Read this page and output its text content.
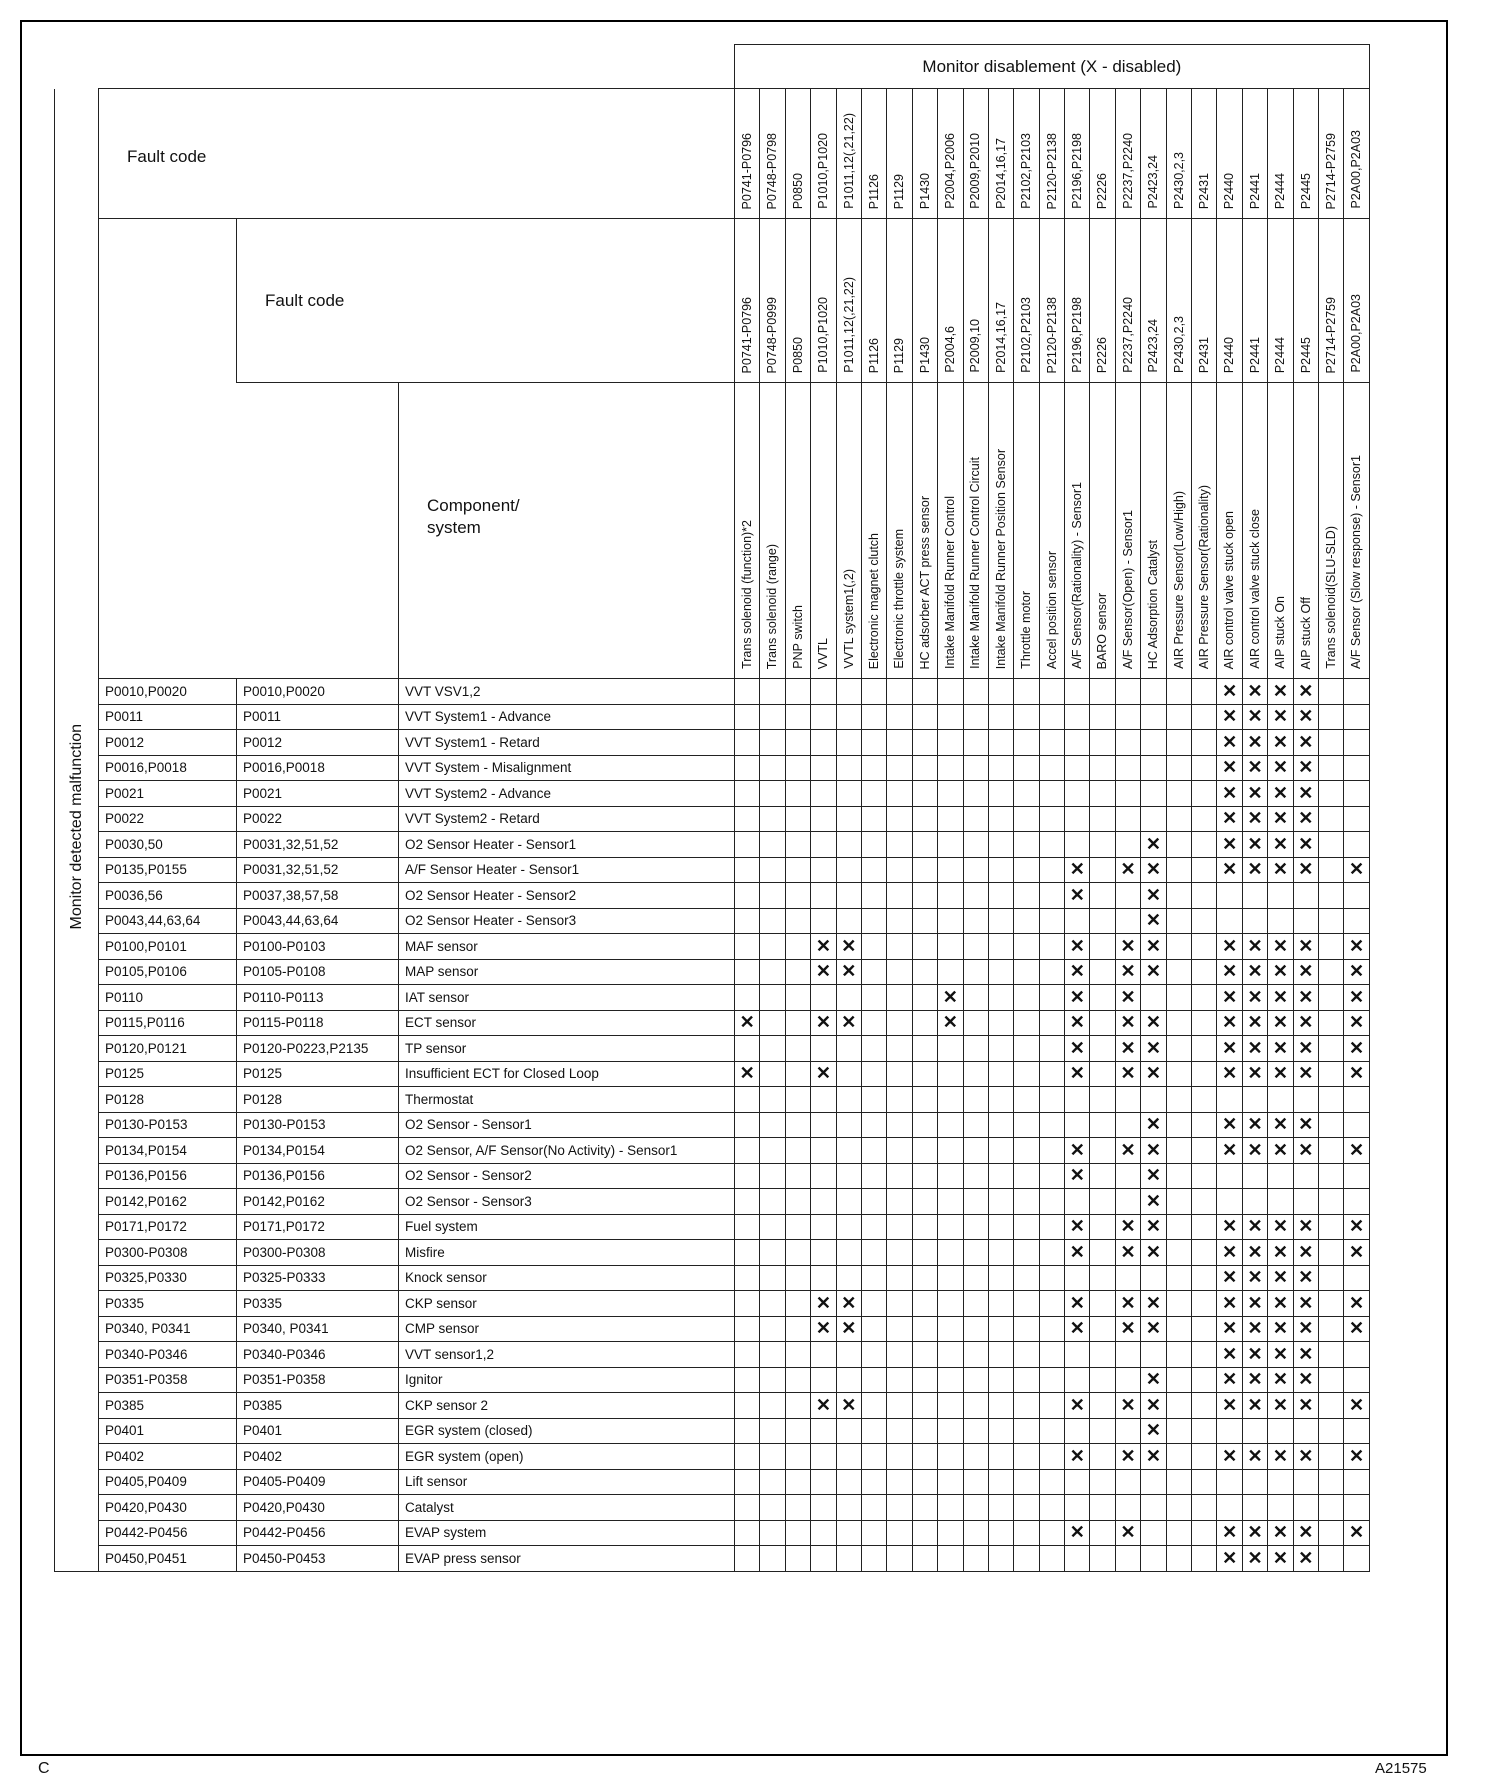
				Monitor disablement (X - disabled)																								
Monitor detected malfunction	Fault code			P0741-P0796	P0748-P0798	P0850	P1010,P1020	P1011,12(,21,22)	P1126	P1129	P1430	P2004,P2006	P2009,P2010	P2014,16,17	P2102,P2103	P2120-P2138	P2196,P2198	P2226	P2237,P2240	P2423,24	P2430,2,3	P2431	P2440	P2441	P2444	P2445	P2714-P2759	P2A00,P2A03
		Fault code		P0741-P0796	P0748-P0999	P0850	P1010,P1020	P1011,12(,21,22)	P1126	P1129	P1430	P2004,6	P2009,10	P2014,16,17	P2102,P2103	P2120-P2138	P2196,P2198	P2226	P2237,P2240	P2423,24	P2430,2,3	P2431	P2440	P2441	P2444	P2445	P2714-P2759	P2A00,P2A03
			Component/
system	Trans solenoid (function)*2	Trans solenoid (range)	PNP switch	VVTL	VVTL system1(,2)	Electronic magnet clutch	Electronic throttle system	HC adsorber ACT press sensor	Intake Manifold Runner Control	Intake Manifold Runner Control Circuit	Intake Manifold Runner Position Sensor	Throttle motor	Accel position sensor	A/F Sensor(Rationality) - Sensor1	BARO sensor	A/F Sensor(Open) - Sensor1	HC Adsorption Catalyst	AIR Pressure Sensor(Low/High)	AIR Pressure Sensor(Rationality)	AIR control valve stuck open	AIR control valve stuck close	AIP stuck On	AIP stuck Off	Trans solenoid(SLU-SLD)	A/F Sensor (Slow response) - Sensor1
	P0010,P0020	P0010,P0020	VVT VSV1,2																				✕	✕	✕	✕		
	P0011	P0011	VVT System1 - Advance																				✕	✕	✕	✕		
	P0012	P0012	VVT System1 - Retard																				✕	✕	✕	✕		
	P0016,P0018	P0016,P0018	VVT System - Misalignment																				✕	✕	✕	✕		
	P0021	P0021	VVT System2 - Advance																				✕	✕	✕	✕		
	P0022	P0022	VVT System2 - Retard																				✕	✕	✕	✕		
	P0030,50	P0031,32,51,52	O2 Sensor Heater - Sensor1																	✕			✕	✕	✕	✕		
	P0135,P0155	P0031,32,51,52	A/F Sensor Heater - Sensor1														✕		✕	✕			✕	✕	✕	✕		✕
	P0036,56	P0037,38,57,58	O2 Sensor Heater - Sensor2														✕			✕								
	P0043,44,63,64	P0043,44,63,64	O2 Sensor Heater - Sensor3																	✕								
	P0100,P0101	P0100-P0103	MAF sensor				✕	✕									✕		✕	✕			✕	✕	✕	✕		✕
	P0105,P0106	P0105-P0108	MAP sensor				✕	✕									✕		✕	✕			✕	✕	✕	✕		✕
	P0110	P0110-P0113	IAT sensor									✕					✕		✕				✕	✕	✕	✕		✕
	P0115,P0116	P0115-P0118	ECT sensor	✕			✕	✕				✕					✕		✕	✕			✕	✕	✕	✕		✕
	P0120,P0121	P0120-P0223,P2135	TP sensor														✕		✕	✕			✕	✕	✕	✕		✕
	P0125	P0125	Insufficient ECT for Closed Loop	✕			✕										✕		✕	✕			✕	✕	✕	✕		✕
	P0128	P0128	Thermostat																									
	P0130-P0153	P0130-P0153	O2 Sensor - Sensor1																	✕			✕	✕	✕	✕		
	P0134,P0154	P0134,P0154	O2 Sensor, A/F Sensor(No Activity) - Sensor1														✕		✕	✕			✕	✕	✕	✕		✕
	P0136,P0156	P0136,P0156	O2 Sensor - Sensor2														✕			✕								
	P0142,P0162	P0142,P0162	O2 Sensor - Sensor3																	✕								
	P0171,P0172	P0171,P0172	Fuel system														✕		✕	✕			✕	✕	✕	✕		✕
	P0300-P0308	P0300-P0308	Misfire														✕		✕	✕			✕	✕	✕	✕		✕
	P0325,P0330	P0325-P0333	Knock sensor																				✕	✕	✕	✕		
	P0335	P0335	CKP sensor				✕	✕									✕		✕	✕			✕	✕	✕	✕		✕
	P0340, P0341	P0340, P0341	CMP sensor				✕	✕									✕		✕	✕			✕	✕	✕	✕		✕
	P0340-P0346	P0340-P0346	VVT sensor1,2																				✕	✕	✕	✕		
	P0351-P0358	P0351-P0358	Ignitor																	✕			✕	✕	✕	✕		
	P0385	P0385	CKP sensor 2				✕	✕									✕		✕	✕			✕	✕	✕	✕		✕
	P0401	P0401	EGR system (closed)																	✕								
	P0402	P0402	EGR system (open)														✕		✕	✕			✕	✕	✕	✕		✕
	P0405,P0409	P0405-P0409	Lift sensor																									
	P0420,P0430	P0420,P0430	Catalyst																									
	P0442-P0456	P0442-P0456	EVAP system														✕		✕				✕	✕	✕	✕		✕
	P0450,P0451	P0450-P0453	EVAP press sensor																				✕	✕	✕	✕		
C	A21575
